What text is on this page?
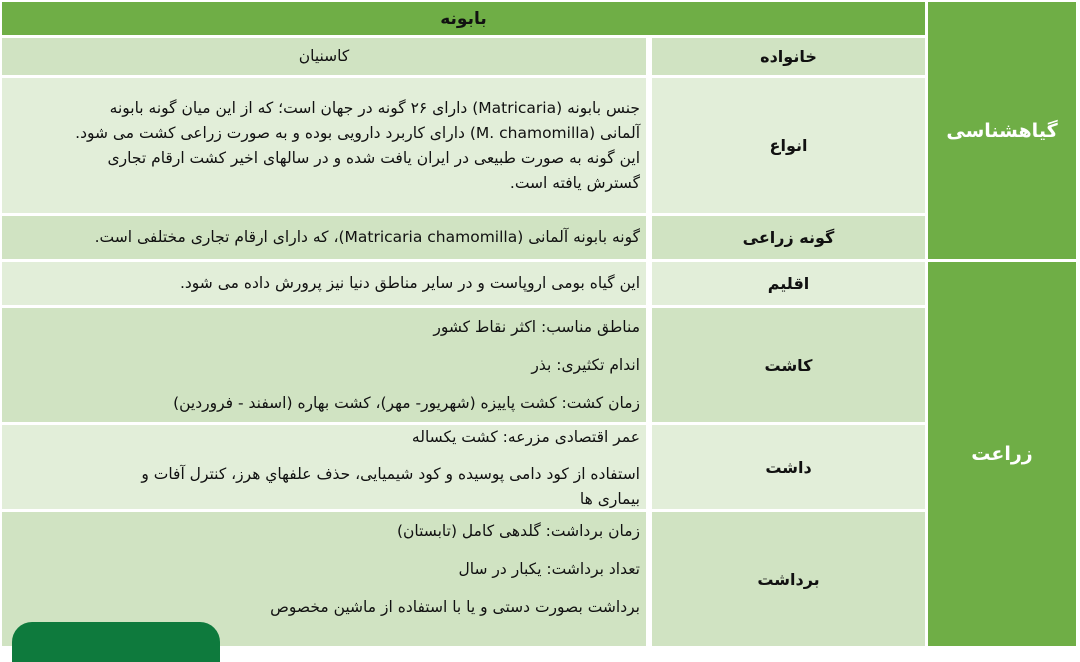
بابونه
گیاهشناسی
زراعت
خانواده
کاسنیان
انواع

جنس بابونه (Matricaria) دارای ۲۶ گونه در جهان است؛ که از این میان گونه بابونه

آلمانی (M. chamomilla) دارای کاربرد دارویی بوده و به صورت زراعی کشت می شود.

این گونه به صورت طبیعی در ایران یافت شده و در سالهای اخیر کشت ارقام تجاری

گسترش یافته است.

گونه زراعی

گونه بابونه آلمانی (Matricaria chamomilla)، که دارای ارقام تجاری مختلفی است.

اقلیم

این گیاه بومی اروپاست و در سایر مناطق دنیا نیز پرورش داده می شود.

کاشت

مناطق مناسب: اکثر نقاط کشور

اندام تکثیری: بذر

زمان کشت: کشت پاییزه (شهریور- مهر)، کشت بهاره (اسفند - فروردین)

داشت

عمر اقتصادی مزرعه: کشت یکساله

استفاده از کود دامی پوسیده و کود شیمیایی، حذف علفهاي هرز، کنترل آفات و

بیماری ها

برداشت

زمان برداشت: گلدهی کامل (تابستان)

تعداد برداشت: یکبار در سال

برداشت بصورت دستی و یا با استفاده از ماشین مخصوص
